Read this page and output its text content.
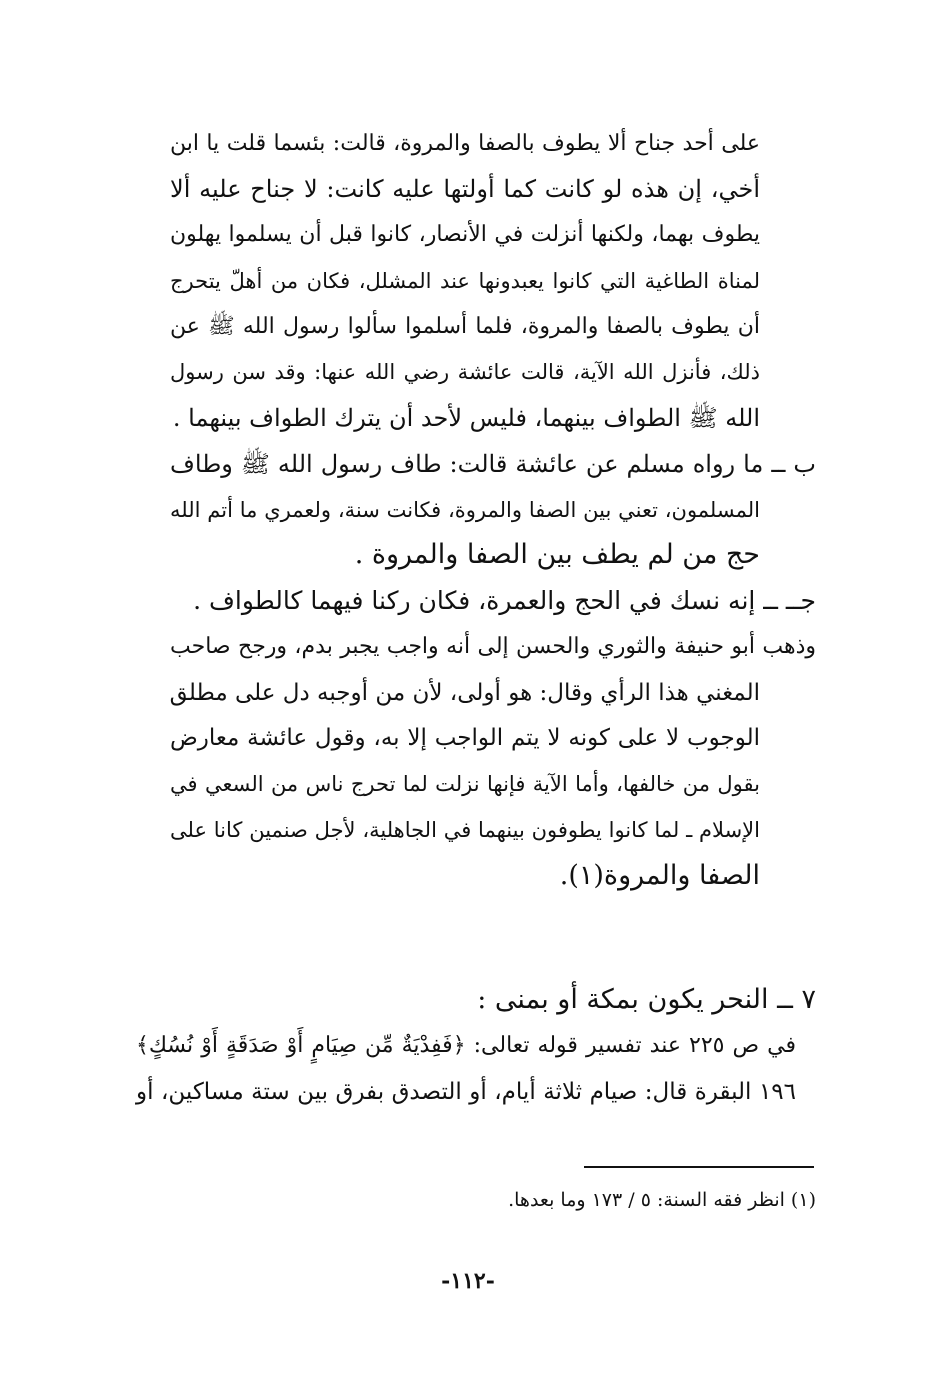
على أحد جناح ألا يطوف بالصفا والمروة، قالت: بئسما قلت يا ابن
أخي، إن هذه لو كانت كما أولتها عليه كانت: لا جناح عليه ألا
يطوف بهما، ولكنها أنزلت في الأنصار، كانوا قبل أن يسلموا يهلون
لمناة الطاغية التي كانوا يعبدونها عند المشلل، فكان من أهلّ يتحرج
أن يطوف بالصفا والمروة، فلما أسلموا سألوا رسول الله ﷺ عن
ذلك، فأنزل الله الآية، قالت عائشة رضي الله عنها: وقد سن رسول
الله ﷺ الطواف بينهما، فليس لأحد أن يترك الطواف بينهما .
ب ــ ما رواه مسلم عن عائشة قالت: طاف رسول الله ﷺ وطاف
المسلمون، تعني بين الصفا والمروة، فكانت سنة، ولعمري ما أتم الله
حج من لم يطف بين الصفا والمروة .
جــ ــ إنه نسك في الحج والعمرة، فكان ركنا فيهما كالطواف .
وذهب أبو حنيفة والثوري والحسن إلى أنه واجب يجبر بدم، ورجح صاحب
المغني هذا الرأي وقال: هو أولى، لأن من أوجبه دل على مطلق
الوجوب لا على كونه لا يتم الواجب إلا به، وقول عائشة معارض
بقول من خالفها، وأما الآية فإنها نزلت لما تحرج ناس من السعي في
الإسلام ـ لما كانوا يطوفون بينهما في الجاهلية، لأجل صنمين كانا على
الصفا والمروة(١).
٧ ــ النحر يكون بمكة أو بمنى :
في ص ٢٢٥ عند تفسير قوله تعالى: ﴿فَفِدْيَةٌ مِّن صِيَامٍ أَوْ صَدَقَةٍ أَوْ نُسُكٍ﴾
١٩٦ البقرة قال: صيام ثلاثة أيام، أو التصدق بفرق بين ستة مساكين، أو
(١) انظر فقه السنة: ٥ / ١٧٣ وما بعدها.
-١١٢-
